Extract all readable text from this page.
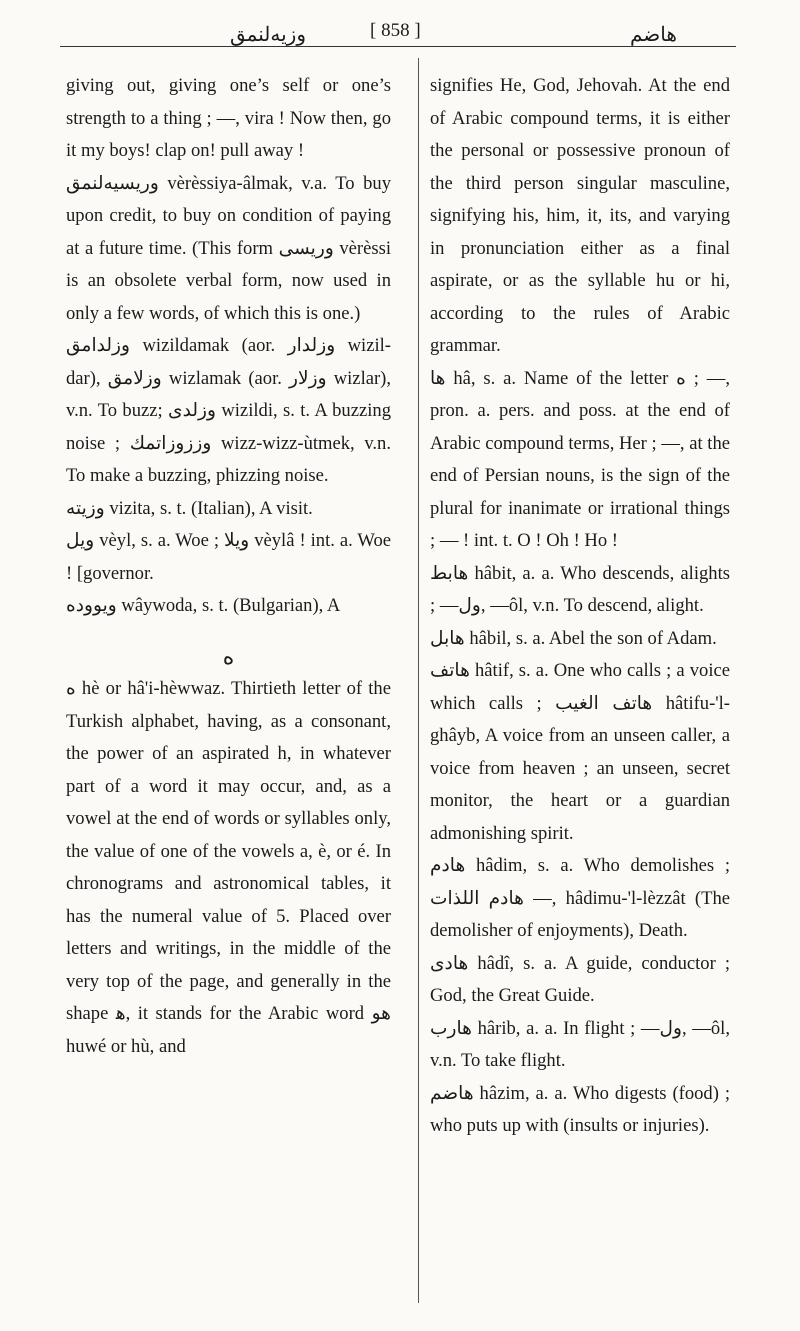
وزیه‌لنمق	[ 858 ]	هاضم

giving out, giving one’s self or one’s strength to a thing ; —, vira ! Now then, go it my boys! clap on! pull away !

وریسیه‌لنمق vèrèssiya-âlmak, v.a. To buy upon credit, to buy on condition of paying at a future time. (This form وریسی vèrèssi is an obsolete verbal form, now used in only a few words, of which this is one.)

وزلدامق wizildamak (aor. وزلدار wizil-dar), وزلامق wizlamak (aor. وزلار wizlar), v.n. To buzz; وزلدی wizildi, s. t. A buzzing noise ; وززوزاتمك wizz-wizz-ùtmek, v.n. To make a buzzing, phizzing noise.

وزیته vizita, s. t. (Italian), A visit.

ویل vèyl, s. a. Woe ; ویلا vèylâ ! int. a. Woe ! [governor.

ویووده wâywoda, s. t. (Bulgarian), A

ه

ه hè or hâ'i-hèwwaz. Thirtieth letter of the Turkish alphabet, having, as a consonant, the power of an aspirated h, in whatever part of a word it may occur, and, as a vowel at the end of words or syllables only, the value of one of the vowels a, è, or é. In chronograms and astronomical tables, it has the numeral value of 5. Placed over letters and writings, in the middle of the very top of the page, and generally in the shape ﻫ, it stands for the Arabic word هو huwé or hù, and

signifies He, God, Jehovah. At the end of Arabic compound terms, it is either the personal or possessive pronoun of the third person singular masculine, signifying his, him, it, its, and varying in pronunciation either as a final aspirate, or as the syllable hu or hi, according to the rules of Arabic grammar.

ها hâ, s. a. Name of the letter ه ; —, pron. a. pers. and poss. at the end of Arabic compound terms, Her ; —, at the end of Persian nouns, is the sign of the plural for inanimate or irrational things ; — ! int. t. O ! Oh ! Ho !

هابط hâbit, a. a. Who descends, alights ; —ول, —ôl, v.n. To descend, alight.

هابل hâbil, s. a. Abel the son of Adam.

هاتف hâtif, s. a. One who calls ; a voice which calls ; هاتف الغیب hâtifu-'l-ghâyb, A voice from an unseen caller, a voice from heaven ; an unseen, secret monitor, the heart or a guardian admonishing spirit.

هادم hâdim, s. a. Who demolishes ; هادم اللذات —, hâdimu-'l-lèzzât (The demolisher of enjoyments), Death.

هادی hâdî, s. a. A guide, conductor ; God, the Great Guide.

هارب hârib, a. a. In flight ; —ول, —ôl, v.n. To take flight.

هاضم hâzim, a. a. Who digests (food) ; who puts up with (insults or injuries).
